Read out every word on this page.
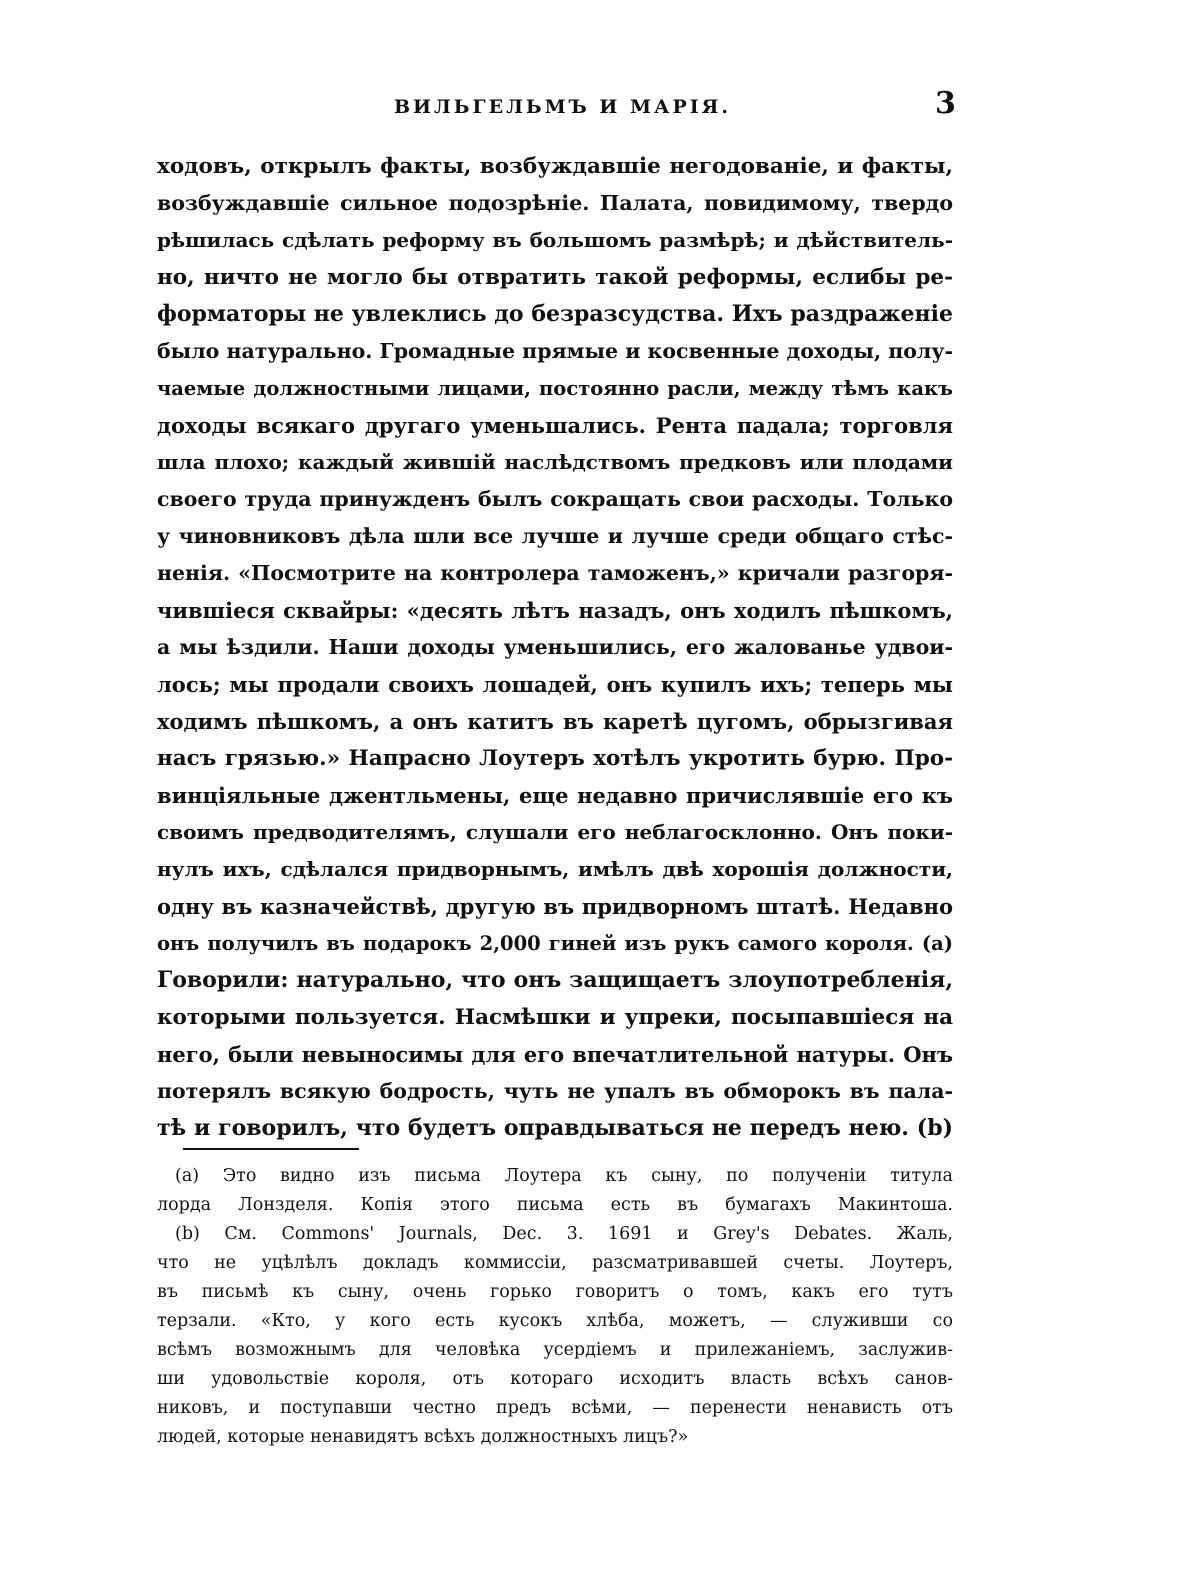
ВИЛЬГЕЛЬМЪ И МАРІЯ.	3
ходовъ, открылъ факты, возбуждавшіе негодованіе, и факты,
возбуждавшіе сильное подозрѣніе. Палата, повидимому, твердо
рѣшилась сдѣлать реформу въ большомъ размѣрѣ; и дѣйствитель-
но, ничто не могло бы отвратить такой реформы, еслибы ре-
форматоры не увлеклись до безразсудства. Ихъ раздраженіе
было натурально. Громадные прямые и косвенные доходы, полу-
чаемые должностными лицами, постоянно расли, между тѣмъ какъ
доходы всякаго другаго уменьшались. Рента падала; торговля
шла плохо; каждый жившій наслѣдствомъ предковъ или плодами
своего труда принужденъ былъ сокращать свои расходы. Только
у чиновниковъ дѣла шли все лучше и лучше среди общаго стѣс-
ненія. «Посмотрите на контролера таможенъ,» кричали разгоря-
чившіеся сквайры: «десять лѣтъ назадъ, онъ ходилъ пѣшкомъ,
а мы ѣздили. Наши доходы уменьшились, его жалованье удвои-
лось; мы продали своихъ лошадей, онъ купилъ ихъ; теперь мы
ходимъ пѣшкомъ, а онъ катитъ въ каретѣ цугомъ, обрызгивая
насъ грязью.» Напрасно Лоутеръ хотѣлъ укротить бурю. Про-
винціяльные джентльмены, еще недавно причислявшіе его къ
своимъ предводителямъ, слушали его неблагосклонно. Онъ поки-
нулъ ихъ, сдѣлался придворнымъ, имѣлъ двѣ хорошія должности,
одну въ казначействѣ, другую въ придворномъ штатѣ. Недавно
онъ получилъ въ подарокъ 2,000 гиней изъ рукъ самого короля. (a)
Говорили: натурально, что онъ защищаетъ злоупотребленія,
которыми пользуется. Насмѣшки и упреки, посыпавшіеся на
него, были невыносимы для его впечатлительной натуры. Онъ
потерялъ всякую бодрость, чуть не упалъ въ обморокъ въ пала-
тѣ и говорилъ, что будетъ оправдываться не передъ нею. (b)
(a) Это видно изъ письма Лоутера къ сыну, по полученіи титула
лорда Лонзделя. Копія этого письма есть въ бумагахъ Макинтоша.
(b) См. Commons' Journals, Dec. 3. 1691 и Grey's Debates. Жаль,
что не уцѣлѣлъ докладъ коммиссіи, разсматривавшей счеты. Лоутеръ,
въ письмѣ къ сыну, очень горько говоритъ о томъ, какъ его тутъ
терзали. «Кто, у кого есть кусокъ хлѣба, можетъ, — служивши со
всѣмъ возможнымъ для человѣка усердіемъ и прилежаніемъ, заслужив-
ши удовольствіе короля, отъ котораго исходитъ власть всѣхъ санов-
никовъ, и поступавши честно предъ всѣми, — перенести ненависть отъ
людей, которые ненавидятъ всѣхъ должностныхъ лицъ?»
